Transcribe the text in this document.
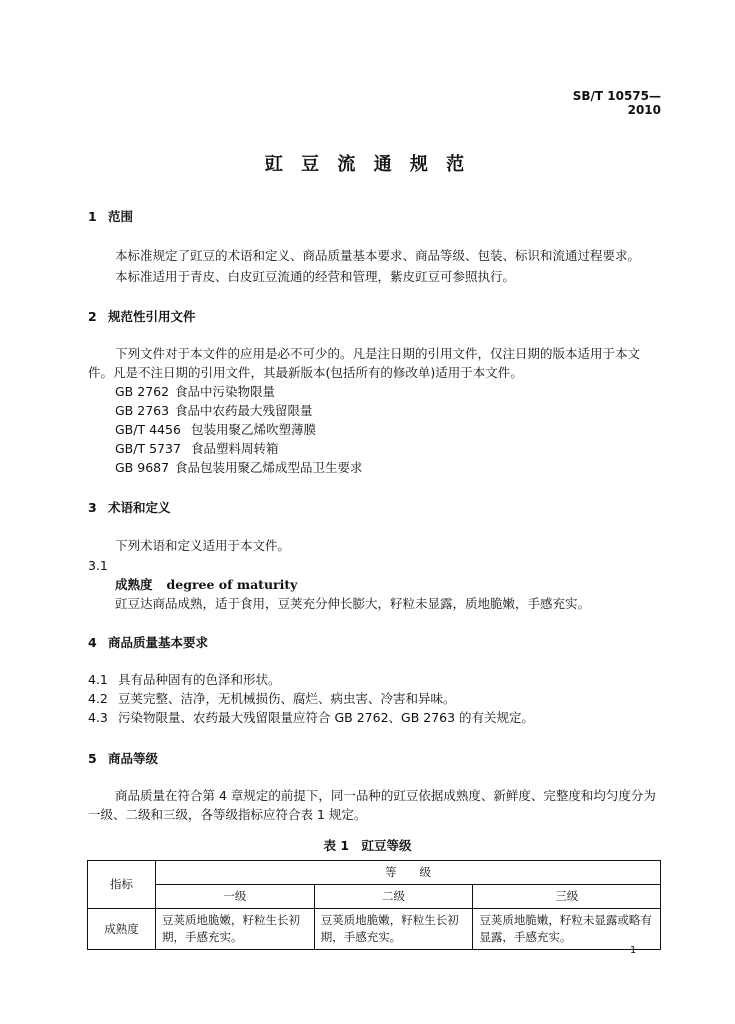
SB/T 10575—2010
豇 豆 流 通 规 范
1 范围
本标准规定了豇豆的术语和定义、商品质量基本要求、商品等级、包装、标识和流通过程要求。
本标准适用于青皮、白皮豇豆流通的经营和管理，紫皮豇豆可参照执行。
2 规范性引用文件
下列文件对于本文件的应用是必不可少的。凡是注日期的引用文件，仅注日期的版本适用于本文
件。凡是不注日期的引用文件，其最新版本(包括所有的修改单)适用于本文件。
GB 2762 食品中污染物限量
GB 2763 食品中农药最大残留限量
GB/T 4456 包装用聚乙烯吹塑薄膜
GB/T 5737 食品塑料周转箱
GB 9687 食品包装用聚乙烯成型品卫生要求
3 术语和定义
下列术语和定义适用于本文件。
3.1
成熟度 degree of maturity
豇豆达商品成熟，适于食用，豆荚充分伸长膨大，籽粒未显露，质地脆嫩，手感充实。
4 商品质量基本要求
4.1 具有品种固有的色泽和形状。
4.2 豆荚完整、洁净，无机械损伤、腐烂、病虫害、冷害和异味。
4.3 污染物限量、农药最大残留限量应符合 GB 2762、GB 2763 的有关规定。
5 商品等级
商品质量在符合第 4 章规定的前提下，同一品种的豇豆依据成熟度、新鲜度、完整度和均匀度分为
一级、二级和三级，各等级指标应符合表 1 规定。
表 1　豇豆等级
指标	等　　级		
	一级	二级	三级
成熟度	豆荚质地脆嫩，籽粒生长初期，手感充实。	豆荚质地脆嫩，籽粒生长初期，手感充实。	豆荚质地脆嫩，籽粒未显露或略有显露，手感充实。
1
